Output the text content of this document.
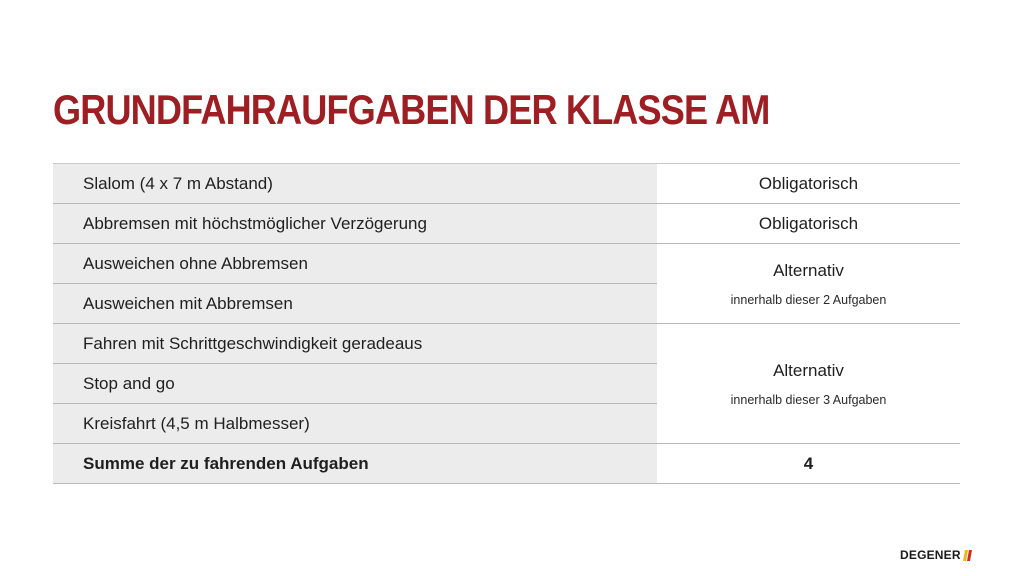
GRUNDFAHRAUFGABEN DER KLASSE AM
Slalom (4 x 7 m Abstand)
Abbremsen mit höchstmöglicher Verzögerung
Ausweichen ohne Abbremsen
Ausweichen mit Abbremsen
Fahren mit Schrittgeschwindigkeit geradeaus
Stop and go
Kreisfahrt (4,5 m Halbmesser)
Summe der zu fahrenden Aufgaben
Obligatorisch
Obligatorisch
Alternativ
innerhalb dieser 2 Aufgaben
Alternativ
innerhalb dieser 3 Aufgaben
4
DEGENER
